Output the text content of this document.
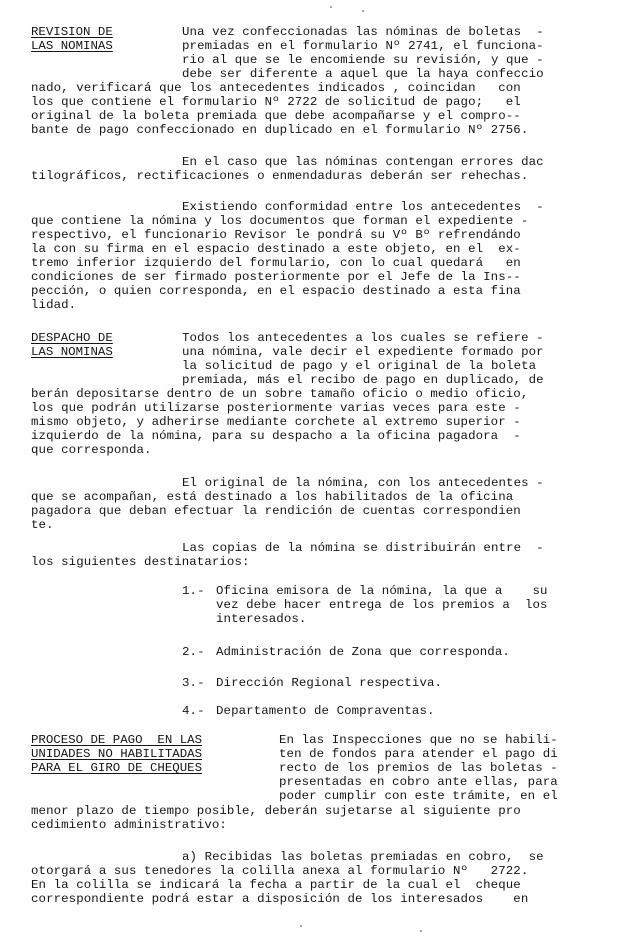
REVISION DE
LAS NOMINAS
Una vez confeccionadas las nóminas de boletas  -
premiadas en el formulario Nº 2741, el funciona-
rio al que se le encomiende su revisión, y que -
debe ser diferente a aquel que la haya confeccio
nado, verificará que los antecedentes indicados , coincidan   con
los que contiene el formulario Nº 2722 de solicitud de pago;   el
original de la boleta premiada que debe acompañarse y el compro--
bante de pago confeccionado en duplicado en el formulario Nº 2756.
En el caso que las nóminas contengan errores dac
tilográficos, rectificaciones o enmendaduras deberán ser rehechas.
Existiendo conformidad entre los antecedentes  -
que contiene la nómina y los documentos que forman el expediente -
respectivo, el funcionario Revisor le pondrá su Vº Bº refrendándo
la con su firma en el espacio destinado a este objeto, en el  ex-
tremo inferior izquierdo del formulario, con lo cual quedará   en
condiciones de ser firmado posteriormente por el Jefe de la Ins--
pección, o quien corresponda, en el espacio destinado a esta fina
lidad.
DESPACHO DE
LAS NOMINAS
Todos los antecedentes a los cuales se refiere -
una nómina, vale decir el expediente formado por
la solicitud de pago y el original de la boleta
premiada, más el recibo de pago en duplicado, de
berán depositarse dentro de un sobre tamaño oficio o medio oficio,
los que podrán utilizarse posteriormente varias veces para este -
mismo objeto, y adherirse mediante corchete al extremo superior -
izquierdo de la nómina, para su despacho a la oficina pagadora  -
que corresponda.
El original de la nómina, con los antecedentes -
que se acompañan, está destinado a los habilitados de la oficina
pagadora que deban efectuar la rendición de cuentas correspondien
te.
Las copias de la nómina se distribuirán entre  -
los siguientes destinatarios:
1.- Oficina emisora de la nómina, la que a    su
vez debe hacer entrega de los premios a  los
interesados.
2.- Administración de Zona que corresponda.
3.- Dirección Regional respectiva.
4.- Departamento de Compraventas.
PROCESO DE PAGO  EN LAS
UNIDADES NO HABILITADAS
PARA EL GIRO DE CHEQUES
En las Inspecciones que no se habili-
ten de fondos para atender el pago di
recto de los premios de las boletas -
presentadas en cobro ante ellas, para
poder cumplir con este trámite, en el
menor plazo de tiempo posible, deberán sujetarse al siguiente pro
cedimiento administrativo:
a) Recibidas las boletas premiadas en cobro,  se
otorgará a sus tenedores la colilla anexa al formulario Nº   2722.
En la colilla se indicará la fecha a partir de la cual el  cheque
correspondiente podrá estar a disposición de los interesados    en
